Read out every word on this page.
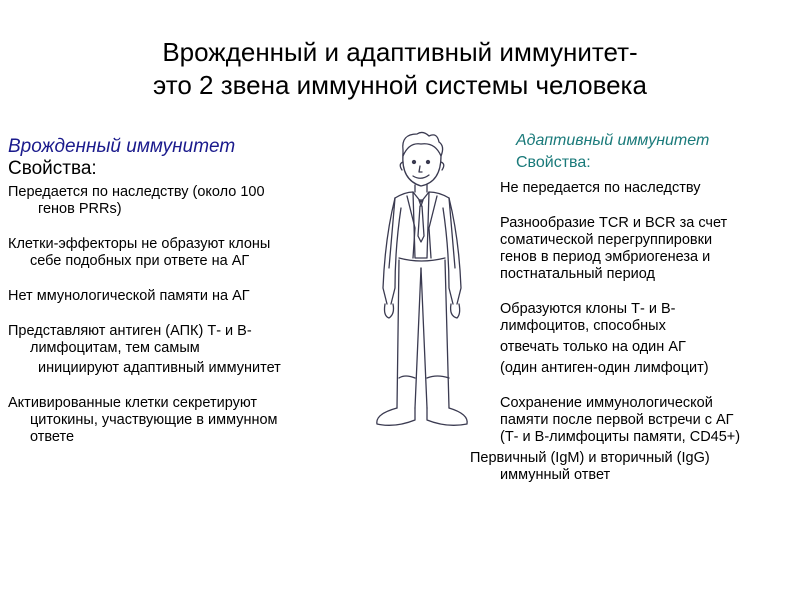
Врожденный и адаптивный иммунитет-
это 2 звена иммунной системы человека
Врожденный иммунитет
Свойства:
Передается по наследству (около 100
генов PRRs)
Клетки-эффекторы не образуют клоны
себе подобных при ответе на АГ
Нет ммунологической памяти на АГ
Представляют антиген (АПК) Т- и В-
лимфоцитам, тем самым
инициируют адаптивный иммунитет
Активированные клетки секретируют
цитокины, участвующие в иммунном
ответе
Адаптивный иммунитет
Свойства:
Не передается по наследству
Разнообразие TCR и BCR за счет
соматической перегруппировки
генов в период эмбриогенеза и
постнатальный период
Образуются клоны Т- и В-
лимфоцитов, способных
отвечать только на один АГ
(один антиген-один лимфоцит)
Сохранение иммунологической
памяти после первой встречи с АГ
(Т- и В-лимфоциты памяти, CD45+)
Первичный (IgM) и вторичный (IgG)
иммунный ответ
